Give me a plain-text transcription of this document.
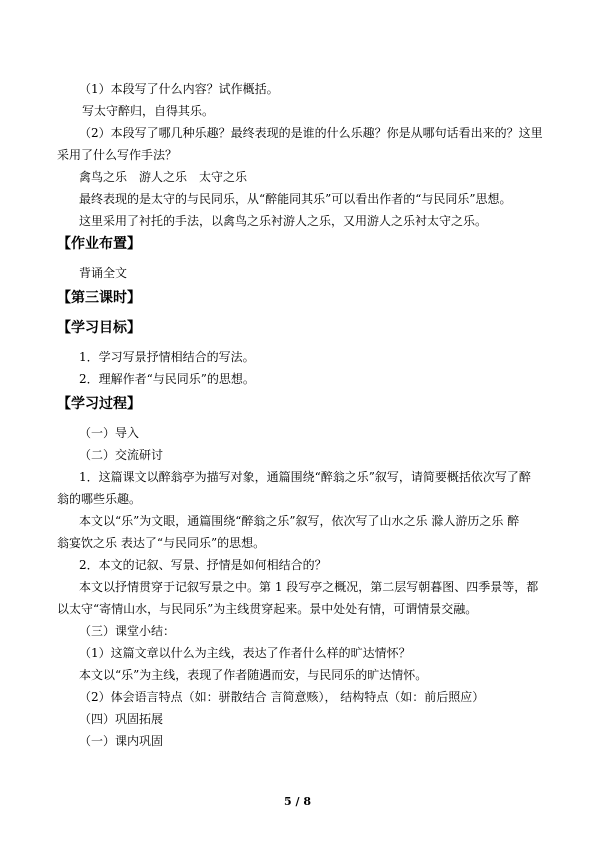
（1）本段写了什么内容？试作概括。
写太守醉归，自得其乐。
（2）本段写了哪几种乐趣？最终表现的是谁的什么乐趣？你是从哪句话看出来的？这里
采用了什么写作手法？
禽鸟之乐　游人之乐　太守之乐
最终表现的是太守的与民同乐，从“醉能同其乐”可以看出作者的“与民同乐”思想。
这里采用了衬托的手法，以禽鸟之乐衬游人之乐，又用游人之乐衬太守之乐。
【作业布置】
背诵全文
【第三课时】
【学习目标】
1．学习写景抒情相结合的写法。
2．理解作者“与民同乐”的思想。
【学习过程】
（一）导入
（二）交流研讨
1．这篇课文以醉翁亭为描写对象，通篇围绕“醉翁之乐”叙写，请简要概括依次写了醉
翁的哪些乐趣。
本文以“乐”为文眼，通篇围绕“醉翁之乐”叙写，依次写了山水之乐 滁人游历之乐 醉
翁宴饮之乐 表达了“与民同乐”的思想。
2．本文的记叙、写景、抒情是如何相结合的？
本文以抒情贯穿于记叙写景之中。第 1 段写亭之概况，第二层写朝暮图、四季景等，都
以太守“寄情山水，与民同乐”为主线贯穿起来。景中处处有情，可谓情景交融。
（三）课堂小结：
（1）这篇文章以什么为主线，表达了作者什么样的旷达情怀？
本文以“乐”为主线，表现了作者随遇而安，与民同乐的旷达情怀。
（2）体会语言特点（如：骈散结合 言简意赅）， 结构特点（如：前后照应）
（四）巩固拓展
（一）课内巩固
5 / 8
